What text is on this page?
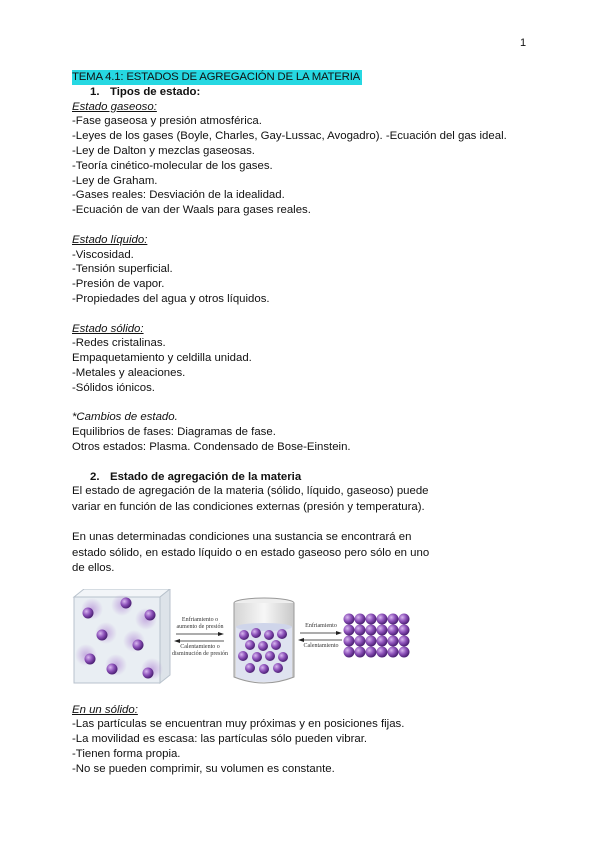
1
TEMA 4.1: ESTADOS DE AGREGACIÓN DE LA MATERIA
1. Tipos de estado:
Estado gaseoso:
-Fase gaseosa y presión atmosférica.
-Leyes de los gases (Boyle, Charles, Gay-Lussac, Avogadro). -Ecuación del gas ideal.
-Ley de Dalton y mezclas gaseosas.
-Teoría cinético-molecular de los gases.
-Ley de Graham.
-Gases reales: Desviación de la idealidad.
-Ecuación de van der Waals para gases reales.
Estado líquido:
-Viscosidad.
-Tensión superficial.
-Presión de vapor.
-Propiedades del agua y otros líquidos.
Estado sólido:
-Redes cristalinas.
Empaquetamiento y celdilla unidad.
-Metales y aleaciones.
-Sólidos iónicos.
*Cambios de estado.
Equilibrios de fases: Diagramas de fase.
Otros estados: Plasma. Condensado de Bose-Einstein.
2. Estado de agregación de la materia
El estado de agregación de la materia (sólido, líquido, gaseoso) puede variar en función de las condiciones externas (presión y temperatura).
En unas determinadas condiciones una sustancia se encontrará en estado sólido, en estado líquido o en estado gaseoso pero sólo en uno de ellos.
Enfriamiento o aumento de presión
Calentamiento o disminución de presión
Enfriamiento
Calentamiento
En un sólido:
-Las partículas se encuentran muy próximas y en posiciones fijas.
-La movilidad es escasa: las partículas sólo pueden vibrar.
-Tienen forma propia.
-No se pueden comprimir, su volumen es constante.
